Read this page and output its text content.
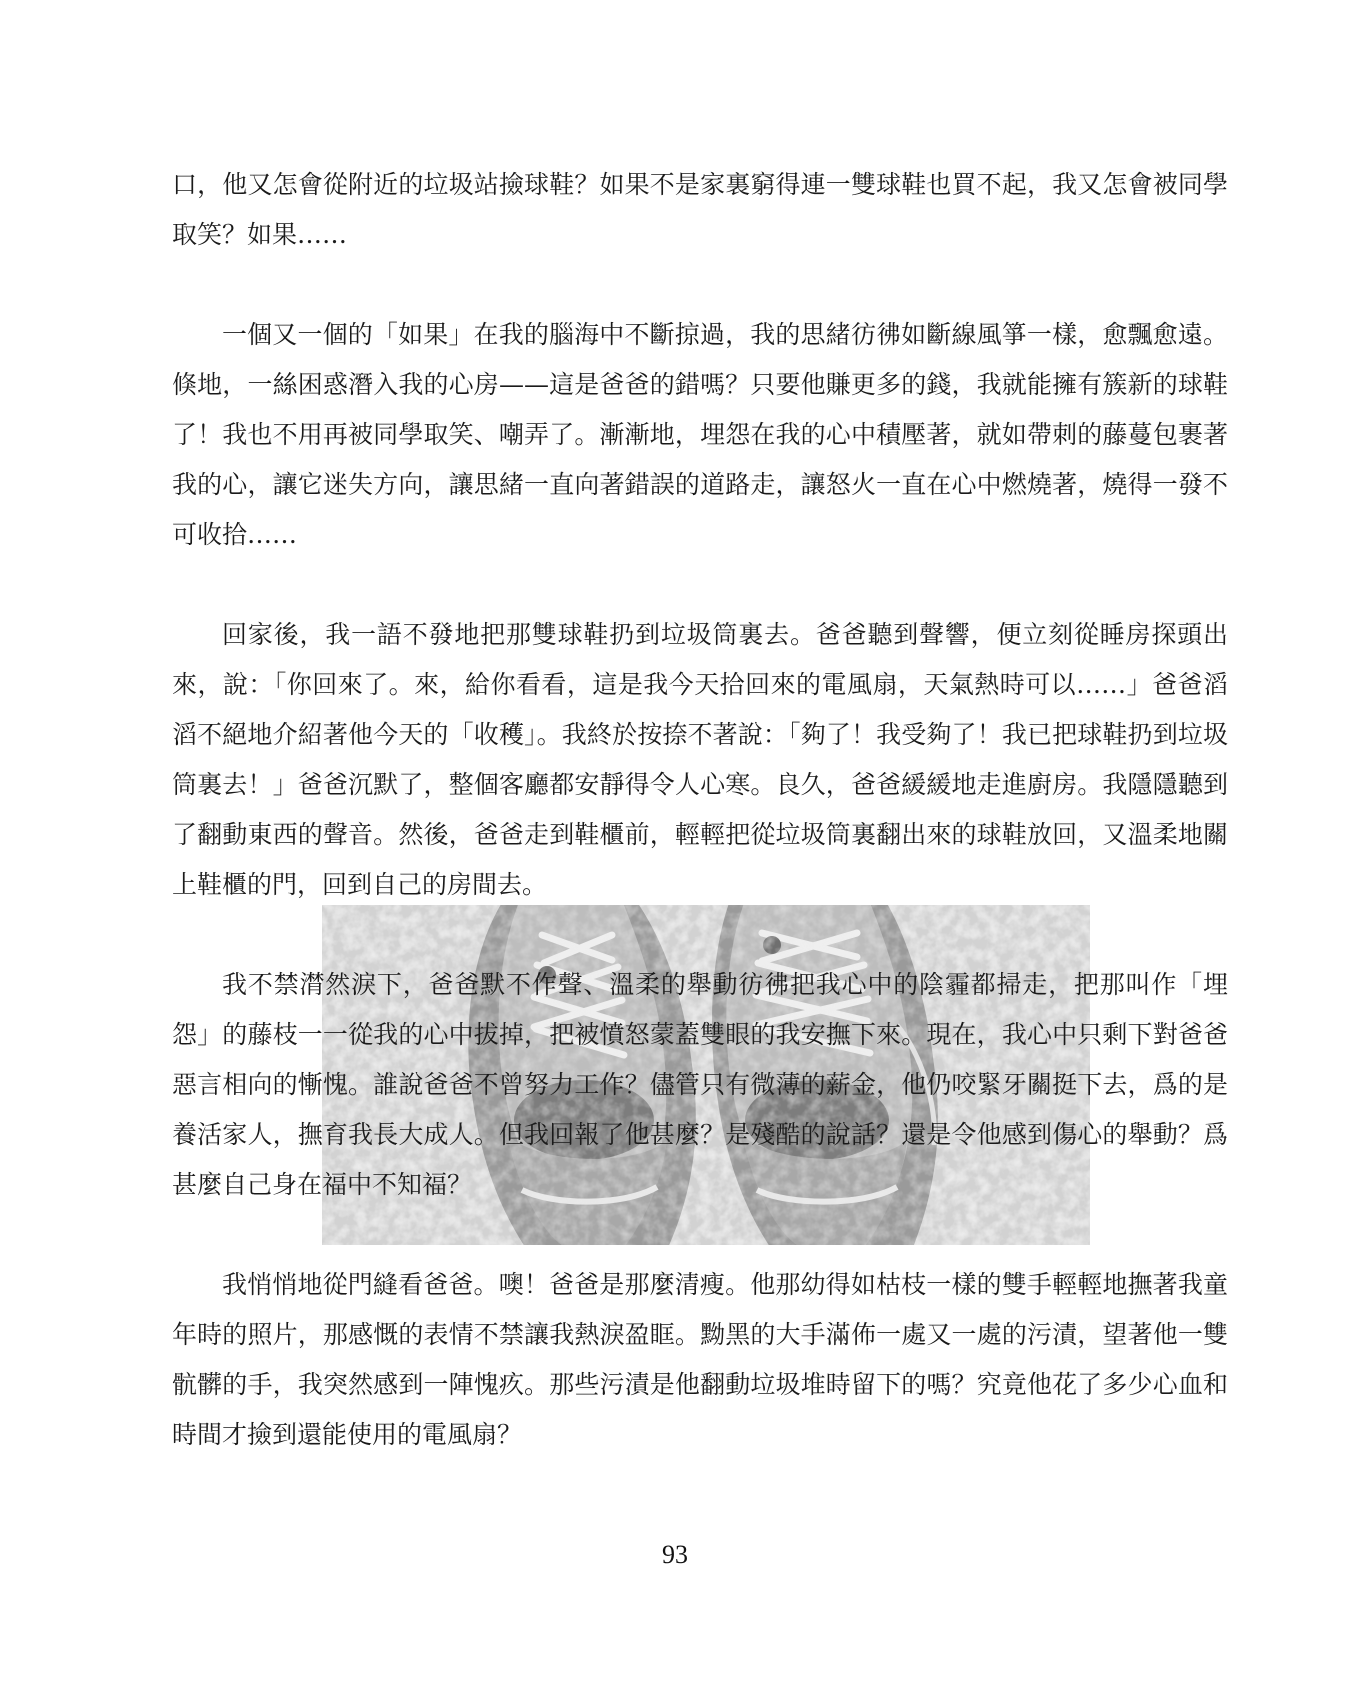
口，他又怎會從附近的垃圾站撿球鞋？如果不是家裏窮得連一雙球鞋也買不起，我又怎會被同學取笑？如果……

一個又一個的「如果」在我的腦海中不斷掠過，我的思緒彷彿如斷線風箏一樣，愈飄愈遠。倏地，一絲困惑潛入我的心房——這是爸爸的錯嗎？只要他賺更多的錢，我就能擁有簇新的球鞋了！我也不用再被同學取笑、嘲弄了。漸漸地，埋怨在我的心中積壓著，就如帶刺的藤蔓包裹著我的心，讓它迷失方向，讓思緒一直向著錯誤的道路走，讓怒火一直在心中燃燒著，燒得一發不可收拾……

回家後，我一語不發地把那雙球鞋扔到垃圾筒裏去。爸爸聽到聲響，便立刻從睡房探頭出來，說：「你回來了。來，給你看看，這是我今天拾回來的電風扇，天氣熱時可以……」爸爸滔滔不絕地介紹著他今天的「收穫」。我終於按捺不著說：「夠了！我受夠了！我已把球鞋扔到垃圾筒裏去！」爸爸沉默了，整個客廳都安靜得令人心寒。良久，爸爸緩緩地走進廚房。我隱隱聽到了翻動東西的聲音。然後，爸爸走到鞋櫃前，輕輕把從垃圾筒裏翻出來的球鞋放回，又溫柔地關上鞋櫃的門，回到自己的房間去。

我不禁潸然淚下，爸爸默不作聲、溫柔的舉動彷彿把我心中的陰霾都掃走，把那叫作「埋怨」的藤枝一一從我的心中拔掉，把被憤怒蒙蓋雙眼的我安撫下來。現在，我心中只剩下對爸爸惡言相向的慚愧。誰說爸爸不曾努力工作？儘管只有微薄的薪金，他仍咬緊牙關挺下去，爲的是養活家人，撫育我長大成人。但我回報了他甚麼？是殘酷的說話？還是令他感到傷心的舉動？爲甚麼自己身在福中不知福？

我悄悄地從門縫看爸爸。噢！爸爸是那麼清瘦。他那幼得如枯枝一樣的雙手輕輕地撫著我童年時的照片，那感慨的表情不禁讓我熱淚盈眶。黝黑的大手滿佈一處又一處的污漬，望著他一雙骯髒的手，我突然感到一陣愧疚。那些污漬是他翻動垃圾堆時留下的嗎？究竟他花了多少心血和時間才撿到還能使用的電風扇？

93
